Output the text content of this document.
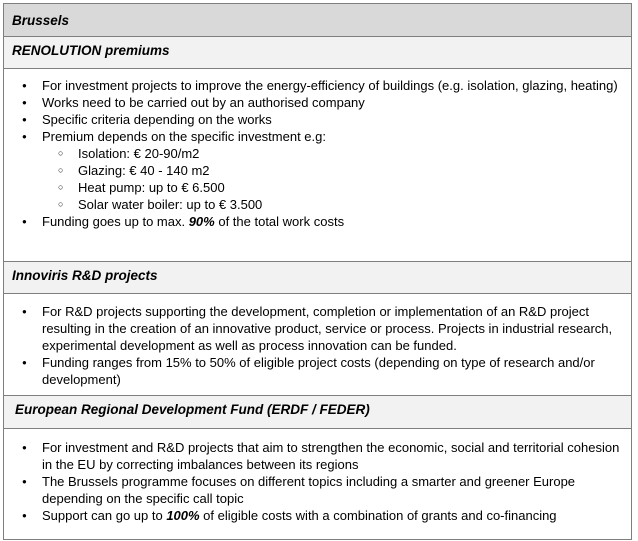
Brussels
RENOLUTION premiums
● For investment projects to improve the energy-efficiency of buildings (e.g. isolation, glazing, heating)
● Works need to be carried out by an authorised company
● Specific criteria depending on the works
● Premium depends on the specific investment e.g:
○ Isolation: € 20-90/m2
○ Glazing: € 40 - 140 m2
○ Heat pump: up to € 6.500
○ Solar water boiler: up to € 3.500
● Funding goes up to max. 90% of the total work costs
Innoviris R&D projects
● For R&D projects supporting the development, completion or implementation of an R&D project resulting in the creation of an innovative product, service or process. Projects in industrial research, experimental development as well as process innovation can be funded.
● Funding ranges from 15% to 50% of eligible project costs (depending on type of research and/or development)
European Regional Development Fund (ERDF / FEDER)
● For investment and R&D projects that aim to strengthen the economic, social and territorial cohesion in the EU by correcting imbalances between its regions
● The Brussels programme focuses on different topics including a smarter and greener Europe depending on the specific call topic
● Support can go up to 100% of eligible costs with a combination of grants and co-financing
